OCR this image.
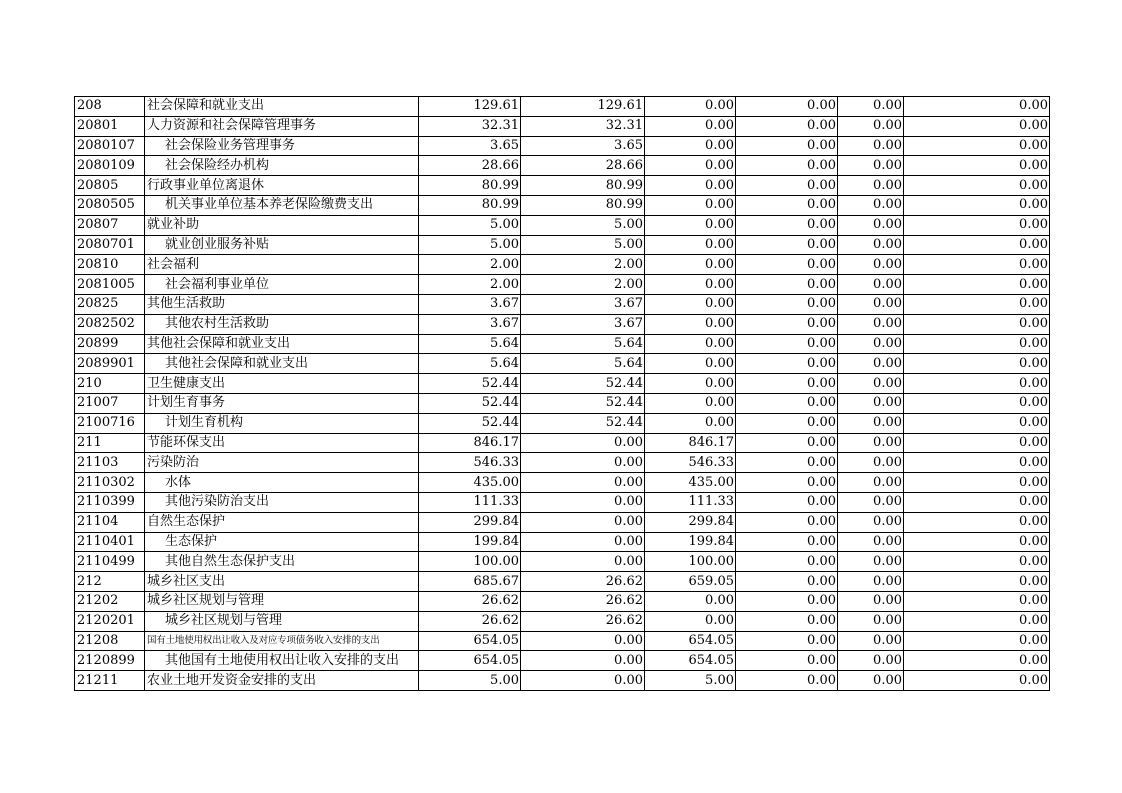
208	社会保障和就业支出	129.61	129.61	0.00	0.00	0.00	0.00
20801	人力资源和社会保障管理事务	32.31	32.31	0.00	0.00	0.00	0.00
2080107	社会保险业务管理事务	3.65	3.65	0.00	0.00	0.00	0.00
2080109	社会保险经办机构	28.66	28.66	0.00	0.00	0.00	0.00
20805	行政事业单位离退休	80.99	80.99	0.00	0.00	0.00	0.00
2080505	机关事业单位基本养老保险缴费支出	80.99	80.99	0.00	0.00	0.00	0.00
20807	就业补助	5.00	5.00	0.00	0.00	0.00	0.00
2080701	就业创业服务补贴	5.00	5.00	0.00	0.00	0.00	0.00
20810	社会福利	2.00	2.00	0.00	0.00	0.00	0.00
2081005	社会福利事业单位	2.00	2.00	0.00	0.00	0.00	0.00
20825	其他生活救助	3.67	3.67	0.00	0.00	0.00	0.00
2082502	其他农村生活救助	3.67	3.67	0.00	0.00	0.00	0.00
20899	其他社会保障和就业支出	5.64	5.64	0.00	0.00	0.00	0.00
2089901	其他社会保障和就业支出	5.64	5.64	0.00	0.00	0.00	0.00
210	卫生健康支出	52.44	52.44	0.00	0.00	0.00	0.00
21007	计划生育事务	52.44	52.44	0.00	0.00	0.00	0.00
2100716	计划生育机构	52.44	52.44	0.00	0.00	0.00	0.00
211	节能环保支出	846.17	0.00	846.17	0.00	0.00	0.00
21103	污染防治	546.33	0.00	546.33	0.00	0.00	0.00
2110302	水体	435.00	0.00	435.00	0.00	0.00	0.00
2110399	其他污染防治支出	111.33	0.00	111.33	0.00	0.00	0.00
21104	自然生态保护	299.84	0.00	299.84	0.00	0.00	0.00
2110401	生态保护	199.84	0.00	199.84	0.00	0.00	0.00
2110499	其他自然生态保护支出	100.00	0.00	100.00	0.00	0.00	0.00
212	城乡社区支出	685.67	26.62	659.05	0.00	0.00	0.00
21202	城乡社区规划与管理	26.62	26.62	0.00	0.00	0.00	0.00
2120201	城乡社区规划与管理	26.62	26.62	0.00	0.00	0.00	0.00
21208	国有土地使用权出让收入及对应专项债务收入安排的支出	654.05	0.00	654.05	0.00	0.00	0.00
2120899	其他国有土地使用权出让收入安排的支出	654.05	0.00	654.05	0.00	0.00	0.00
21211	农业土地开发资金安排的支出	5.00	0.00	5.00	0.00	0.00	0.00
